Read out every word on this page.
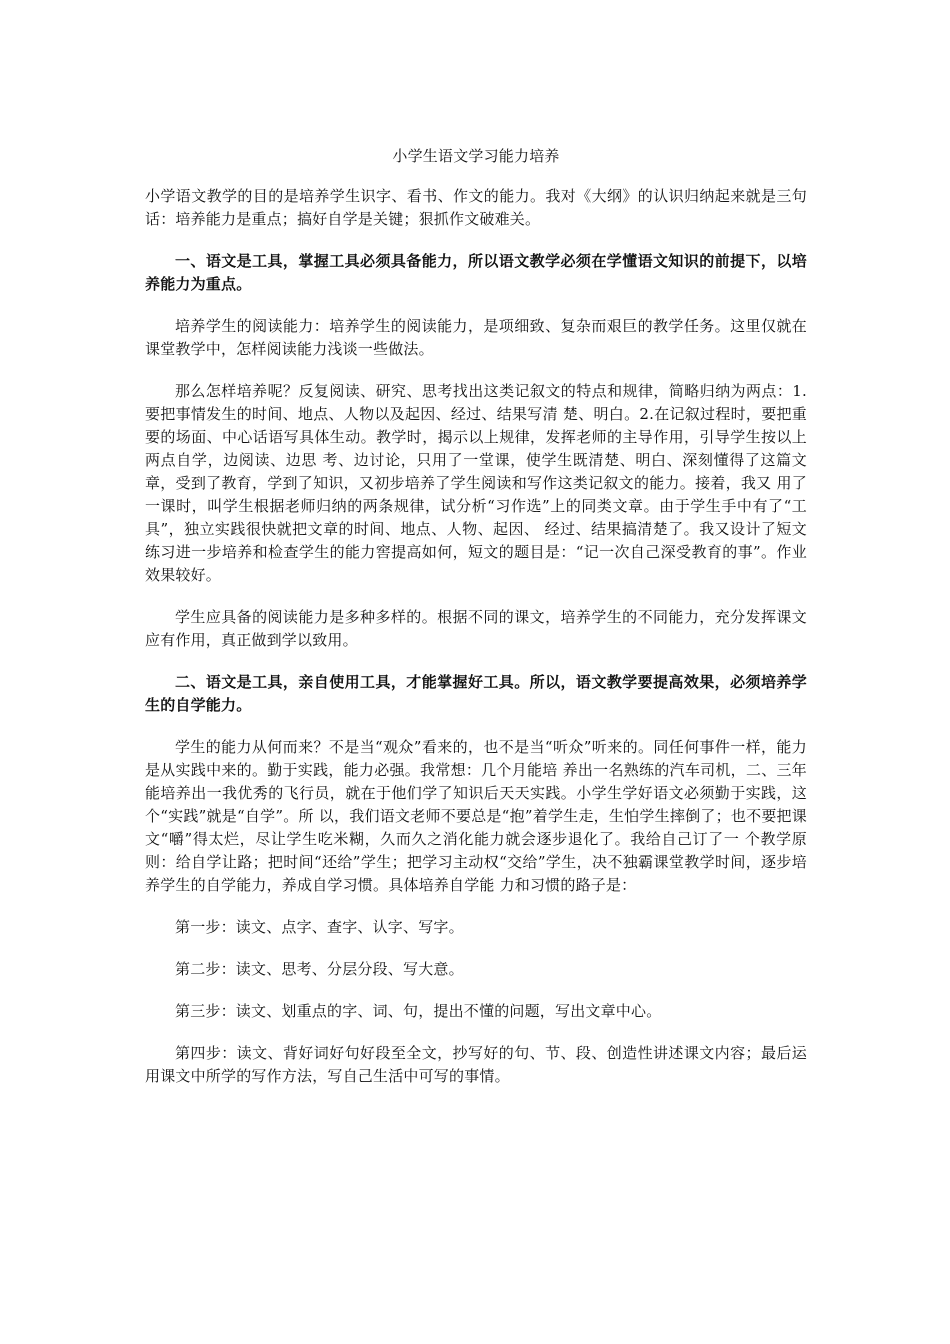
小学生语文学习能力培养

小学语文教学的目的是培养学生识字、看书、作文的能力。我对《大纲》的认识归纳起来就是三句话：培养能力是重点；搞好自学是关键；狠抓作文破难关。

一、语文是工具，掌握工具必须具备能力，所以语文教学必须在学懂语文知识的前提下，以培养能力为重点。

培养学生的阅读能力：培养学生的阅读能力，是项细致、复杂而艰巨的教学任务。这里仅就在课堂教学中，怎样阅读能力浅谈一些做法。

那么怎样培养呢？反复阅读、研究、思考找出这类记叙文的特点和规律，简略归纳为两点：1.要把事情发生的时间、地点、人物以及起因、经过、结果写清 楚、明白。2.在记叙过程时，要把重要的场面、中心话语写具体生动。教学时，揭示以上规律，发挥老师的主导作用，引导学生按以上两点自学，边阅读、边思 考、边讨论，只用了一堂课，使学生既清楚、明白、深刻懂得了这篇文章，受到了教育，学到了知识，又初步培养了学生阅读和写作这类记叙文的能力。接着，我又 用了一课时，叫学生根据老师归纳的两条规律，试分析“习作选”上的同类文章。由于学生手中有了“工具”，独立实践很快就把文章的时间、地点、人物、起因、 经过、结果搞清楚了。我又设计了短文练习进一步培养和检查学生的能力窖提高如何，短文的题目是：“记一次自己深受教育的事”。作业效果较好。

学生应具备的阅读能力是多种多样的。根据不同的课文，培养学生的不同能力，充分发挥课文应有作用，真正做到学以致用。

二、语文是工具，亲自使用工具，才能掌握好工具。所以，语文教学要提高效果，必须培养学生的自学能力。

学生的能力从何而来？不是当“观众”看来的，也不是当“听众”听来的。同任何事件一样，能力是从实践中来的。勤于实践，能力必强。我常想：几个月能培 养出一名熟练的汽车司机，二、三年能培养出一我优秀的飞行员，就在于他们学了知识后天天实践。小学生学好语文必须勤于实践，这个“实践”就是“自学”。所 以，我们语文老师不要总是“抱”着学生走，生怕学生摔倒了；也不要把课文“嚼”得太烂，尽让学生吃米糊，久而久之消化能力就会逐步退化了。我给自己订了一 个教学原则：给自学让路；把时间“还给”学生；把学习主动权“交给”学生，决不独霸课堂教学时间，逐步培养学生的自学能力，养成自学习惯。具体培养自学能 力和习惯的路子是：

第一步：读文、点字、查字、认字、写字。

第二步：读文、思考、分层分段、写大意。

第三步：读文、划重点的字、词、句，提出不懂的问题，写出文章中心。

第四步：读文、背好词好句好段至全文，抄写好的句、节、段、创造性讲述课文内容；最后运用课文中所学的写作方法，写自己生活中可写的事情。
